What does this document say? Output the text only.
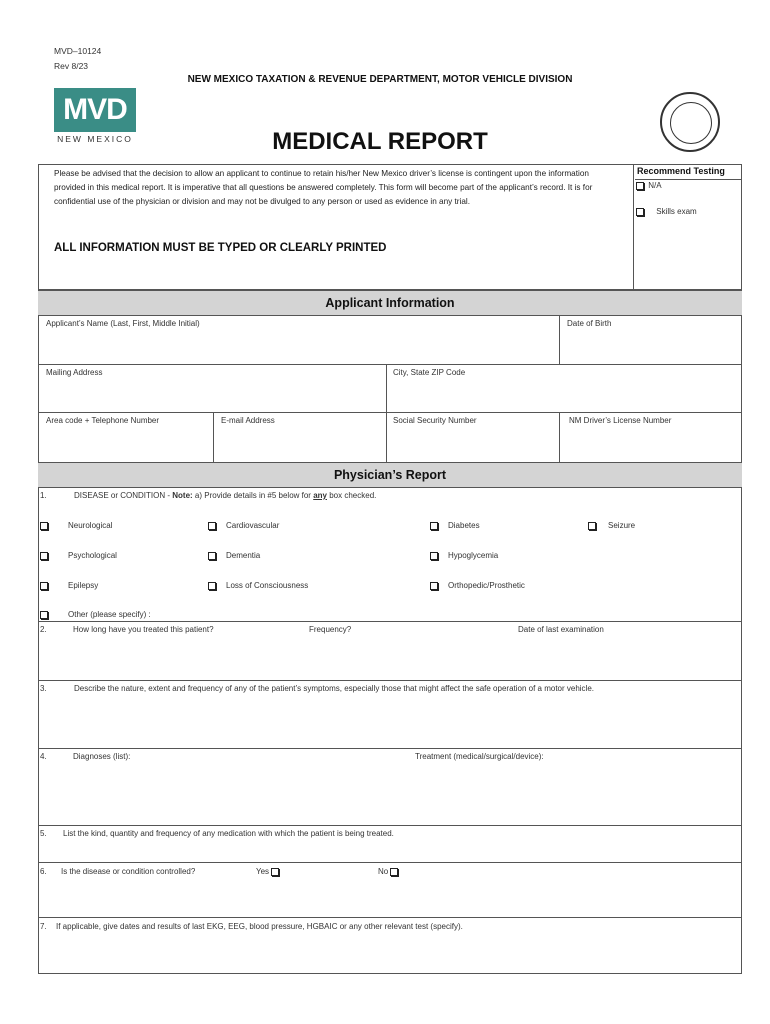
MVD–10124
Rev 8/23
NEW MEXICO TAXATION & REVENUE DEPARTMENT, MOTOR VEHICLE DIVISION
MVD
NEW MEXICO	MEDICAL REPORT
Please be advised that the decision to allow an applicant to continue to retain his/her New Mexico driver’s license is contingent upon the information provided in this medical report. It is imperative that all questions be answered completely. This form will become part of the applicant’s record. It is for confidential use of the physician or division and may not be divulged to any person or used as evidence in any trial.
ALL INFORMATION MUST BE TYPED OR CLEARLY PRINTED
Recommend Testing
N/A
Skills exam
Applicant Information
Applicant’s Name (Last, First, Middle Initial)	Date of Birth
Mailing Address	City, State ZIP Code
Area code + Telephone Number	E-mail Address	Social Security Number	NM Driver’s License Number
Physician’s Report
1.	DISEASE or CONDITION - Note: a) Provide details in #5 below for any box checked.
Neurological	Cardiovascular	Diabetes	Seizure
Psychological	Dementia	Hypoglycemia
Epilepsy	Loss of Consciousness	Orthopedic/Prosthetic
Other (please specify) :
2.	How long have you treated this patient?	Frequency?	Date of last examination
3.	Describe the nature, extent and frequency of any of the patient’s symptoms, especially those that might affect the safe operation of a motor vehicle.
4.	Diagnoses (list):	Treatment (medical/surgical/device):
5. List the kind, quantity and frequency of any medication with which the patient is being treated.
6. Is the disease or condition controlled?	Yes	No
7. If applicable, give dates and results of last EKG, EEG, blood pressure, HGBAIC or any other relevant test (specify).
